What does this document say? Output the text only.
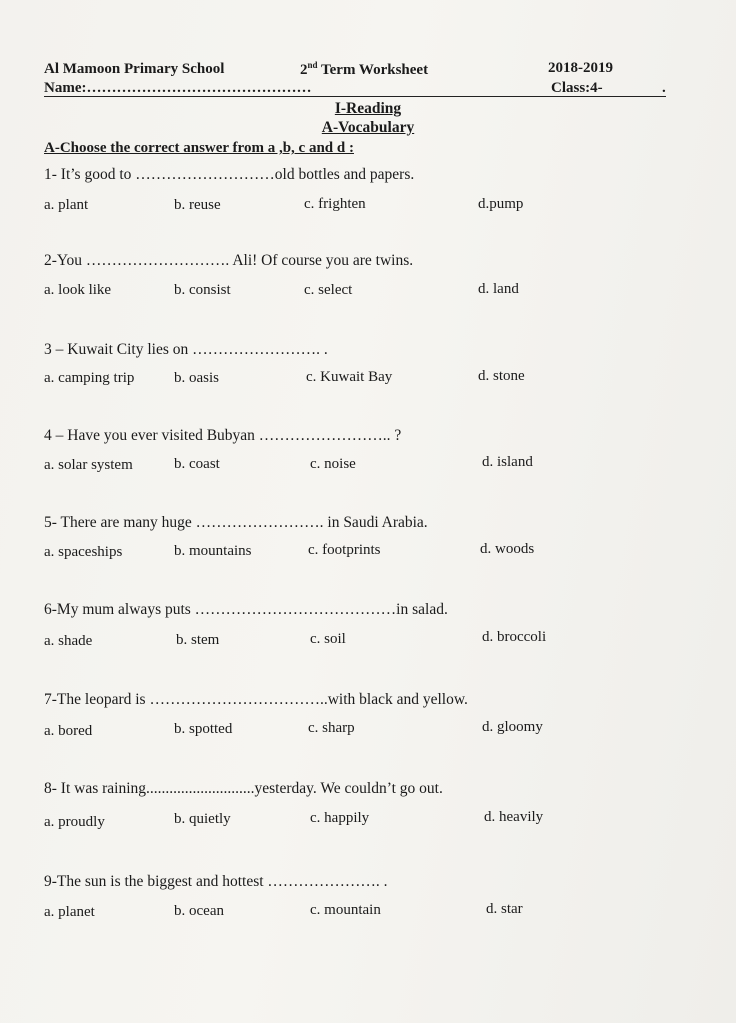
Al Mamoon Primary School	2nd Term Worksheet	2018-2019
Name:………………………………………	Class:4-	.
I-Reading
A-Vocabulary
A-Choose the correct answer from a ,b, c and d :
1- It’s good to ………………………old bottles and papers.
a. plant	b. reuse	c. frighten	d.pump
2-You ………………………. Ali! Of course you are twins.
a. look like	b. consist	c. select	d. land
3 – Kuwait City lies on ……………………. .
a. camping trip	b. oasis	c. Kuwait Bay	d. stone
4 – Have you ever visited Bubyan …………………….. ?
a. solar system	b. coast	c. noise	d. island
5- There are many huge ……………………. in Saudi Arabia.
a. spaceships	b. mountains	c. footprints	d. woods
6-My mum always puts …………………………………in salad.
a. shade	b. stem	c. soil	d. broccoli
7-The leopard is ……………………………..with black and yellow.
a. bored	b. spotted	c. sharp	d. gloomy
8- It was raining............................yesterday. We couldn’t go out.
a. proudly	b. quietly	c. happily	d. heavily
9-The sun is the biggest and hottest …………………. .
a. planet	b. ocean	c. mountain	d. star
